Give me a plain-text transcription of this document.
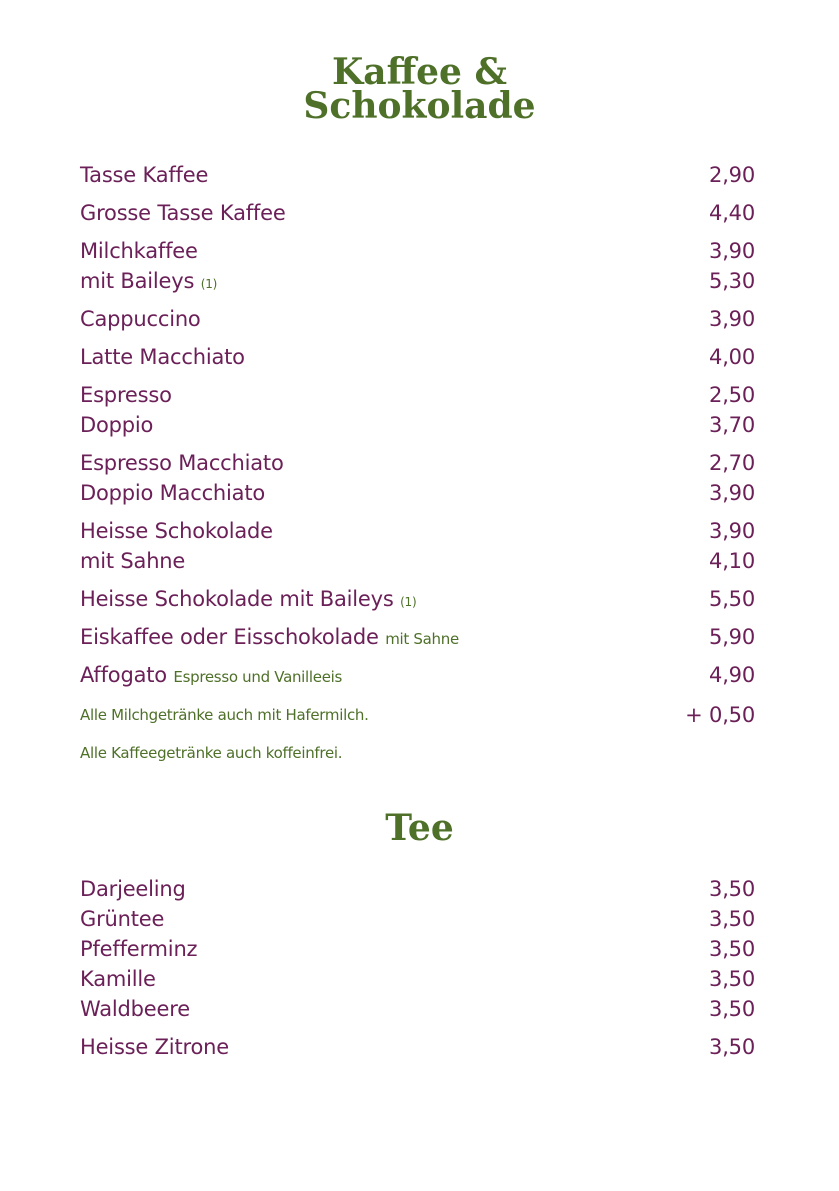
Kaffee &
Schokolade
Tasse Kaffee	2,90
Grosse Tasse Kaffee	4,40
Milchkaffee	3,90
mit Baileys (1)	5,30
Cappuccino	3,90
Latte Macchiato	4,00
Espresso	2,50
Doppio	3,70
Espresso Macchiato	2,70
Doppio Macchiato	3,90
Heisse Schokolade	3,90
mit Sahne	4,10
Heisse Schokolade mit Baileys (1)	5,50
Eiskaffee oder Eisschokolade mit Sahne	5,90
Affogato Espresso und Vanilleeis	4,90
Alle Milchgetränke auch mit Hafermilch.	+ 0,50
Alle Kaffeegetränke auch koffeinfrei.
Tee
Darjeeling	3,50
Grüntee	3,50
Pfefferminz	3,50
Kamille	3,50
Waldbeere	3,50
Heisse Zitrone	3,50
